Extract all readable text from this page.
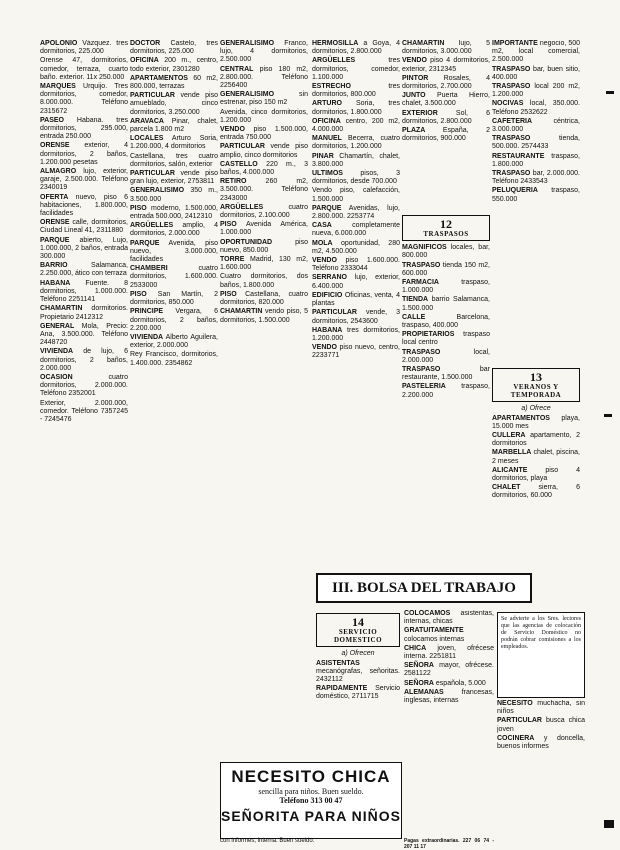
APOLONIO Vázquez. tres dormitorios, 225.000

Orense 47, dormitorios, comedor, terraza, cuarto baño. exterior. 11x 250.000

MARQUES Urquijo. Tres dormitorios, comedor, 8.000.000. Teléfono 2315672

PASEO Habana. tres dormitorios, 295.000, entrada 250.000

ORENSE exterior, 4 dormitorios, 2 baños, 1.200.000 pesetas

ALMAGRO lujo, exterior, garaje, 2.500.000. Teléfono 2340019

OFERTA nuevo, piso 6 habitaciones, 1.800.000, facilidades

ORENSE calle, dormitorios, Ciudad Lineal 41, 2311880

PARQUE abierto, Lujo, 1.000.000, 2 baños, entrada 300.000

BARRIO	Salamanca, 2.250.000, ático con terraza

HABANA Fuente. 8 dormitorios, 1.000.000. Teléfono 2251141

CHAMARTIN dormitorios. Propietario 2412312

GENERAL Mola, Precio: Ana, 3.500.000. Teléfono 2448720

VIVIENDA de lujo, 6 dormitorios, 2 baños, 2.000.000

OCASION	cuatro dormitorios, 2.000.000. Teléfono 2352001

Exterior, 2.000.000, comedor. Teléfono 7357245 - 7245476

DOCTOR Castelo, tres dormitorios, 225.000

OFICINA 200 m., centro, todo exterior, 2301280

APARTAMENTOS 60 m2, 800.000, terrazas

PARTICULAR vende piso amueblado, cinco dormitorios, 3.250.000

ARAVACA Pinar, chalet, parcela 1.800 m2

LOCALES Arturo Soria, 1.200.000, 4 dormitorios

Castellana, tres cuatro dormitorios, salón, exterior

PARTICULAR vende piso gran lujo, exterior, 2753811

GENERALISIMO 350 m., 3.500.000

PISO moderno, 1.500.000, entrada 500.000, 2412310

ARGÜELLES amplio, 4 dormitorios, 2.000.000

PARQUE Avenida, piso nuevo, 3.000.000, facilidades

CHAMBERI	cuatro dormitorios, 1.600.000. 2533000

PISO San Martín, 2 dormitorios, 850.000

PRINCIPE Vergara, 6 dormitorios, 2 baños, 2.200.000

VIVIENDA Alberto Aguilera, exterior, 2.000.000

Rey Francisco, dormitorios, 1.400.000. 2354862

GENERALISIMO Franco, lujo, 4 dormitorios, 2.500.000

CENTRAL piso 180 m2, 2.800.000. Teléfono 2256400

GENERALISIMO	sin estrenar, piso 150 m2

Avenida, cinco dormitorios, 1.200.000

VENDO piso 1.500.000, entrada 750.000

PARTICULAR vende piso amplio, cinco dormitorios

CASTELLO 220 m., 3 baños, 4.000.000

RETIRO	260 m2, 3.500.000. Teléfono 2343000

ARGÜELLES	cuatro dormitorios, 2.100.000

PISO Avenida América, 1.000.000

OPORTUNIDAD	piso nuevo, 850.000

TORRE Madrid, 130 m2, 1.600.000

Cuatro dormitorios, dos baños, 1.800.000

PISO Castellana, cuatro dormitorios, 820.000

CHAMARTIN vendo piso, 5 dormitorios, 1.500.000

HERMOSILLA a Goya, 4 dormitorios, 2.800.000

ARGÜELLES	tres dormitorios, comedor, 1.100.000

ESTRECHO	tres dormitorios, 800.000

ARTURO Soria, tres dormitorios, 1.800.000

OFICINA centro, 200 m2, 4.000.000

MANUEL Becerra, cuatro dormitorios, 1.200.000

PINAR Chamartín, chalet, 3.800.000

ULTIMOS pisos, 3 dormitorios, desde 700.000

Vendo piso, calefacción, 1.500.000

PARQUE Avenidas, lujo, 2.800.000. 2253774

CASA	completamente nueva, 6.000.000

MOLA oportunidad, 280 m2, 4.500.000

VENDO piso 1.600.000. Teléfono 2333044

SERRANO lujo, exterior, 6.400.000

EDIFICIO Oficinas, venta, 4 plantas

PARTICULAR vende, 3 dormitorios, 2543600

HABANA tres dormitorios, 1.200.000

VENDO piso nuevo, centro, 2233771

CHAMARTIN lujo, 5 dormitorios, 3.000.000

VENDO piso 4 dormitorios, exterior, 2312345

PINTOR Rosales, 4 dormitorios, 2.700.000

JUNTO Puerta Hierro, chalet, 3.500.000

EXTERIOR	Sol, 6 dormitorios, 2.800.000

PLAZA	España, 2 dormitorios, 900.000

12
TRASPASOS

MAGNIFICOS locales, bar, 800.000

TRASPASO tienda 150 m2, 600.000

FARMACIA	traspaso, 1.000.000

TIENDA barrio Salamanca, 1.500.000

CALLE	Barcelona, traspaso, 400.000

PROPIETARIOS traspaso local centro

TRASPASO	local, 2.000.000

TRASPASO	bar restaurante, 1.500.000

PASTELERIA traspaso, 2.200.000

IMPORTANTE negocio, 500 m2, local comercial, 2.500.000

TRASPASO bar, buen sitio, 400.000

TRASPASO local 200 m2, 1.200.000

NOCIVAS local, 350.000. Teléfono 2532622

CAFETERIA	céntrica, 3.000.000

TRASPASO	tienda, 500.000. 2574433

RESTAURANTE traspaso, 1.800.000

TRASPASO bar, 2.000.000. Teléfono 2433543

PELUQUERIA traspaso, 550.000

13
VERANOS Y TEMPORADA

a) Ofrece

APARTAMENTOS playa, 15.000 mes

CULLERA apartamento, 2 dormitorios

MARBELLA chalet, piscina, 2 meses

ALICANTE	piso 4 dormitorios, playa

CHALET	sierra, 6 dormitorios, 60.000

III. BOLSA DEL TRABAJO
14
SERVICIO DOMESTICO

a) Ofrecen

ASISTENTAS mecanógrafas, señoritas. 2432112

RAPIDAMENTE Servicio doméstico, 2711715

COLOCAMOS asistentas, internas, chicas

GRATUITAMENTE colocamos internas

CHICA joven, ofrécese interna. 2251811

SEÑORA mayor, ofrécese. 2581122

SEÑORA española, 5.000

ALEMANAS	francesas, inglesas, internas

Se advierte a los Sres. lectores que las agencias de colocación de Servicio Doméstico no podrán cobrar comisiones a los empleados.

NECESITO muchacha, sin niños

PARTICULAR busca chica joven

COCINERA y doncella, buenos informes

NECESITO CHICA
sencilla para niños. Buen sueldo.
Teléfono 313 00 47
SEÑORITA PARA NIÑOS

con informes, interna. Buen sueldo.	Pagas extraordinarias. 227 06 74 - 207 11 17
